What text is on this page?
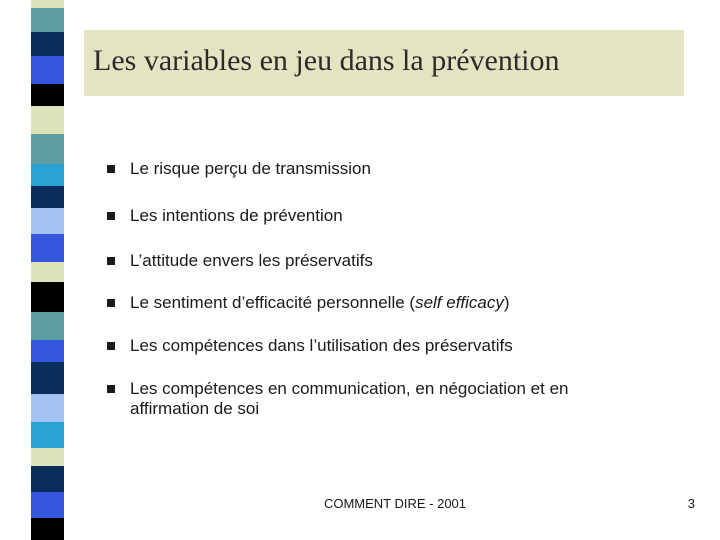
Les variables en jeu dans la prévention
Le risque perçu de transmission
Les intentions de prévention
L’attitude envers les préservatifs
Le sentiment d’efficacité personnelle (self efficacy)
Les compétences dans l’utilisation des préservatifs
Les compétences en communication, en négociation et en
affirmation de soi
COMMENT DIRE - 2001	3
